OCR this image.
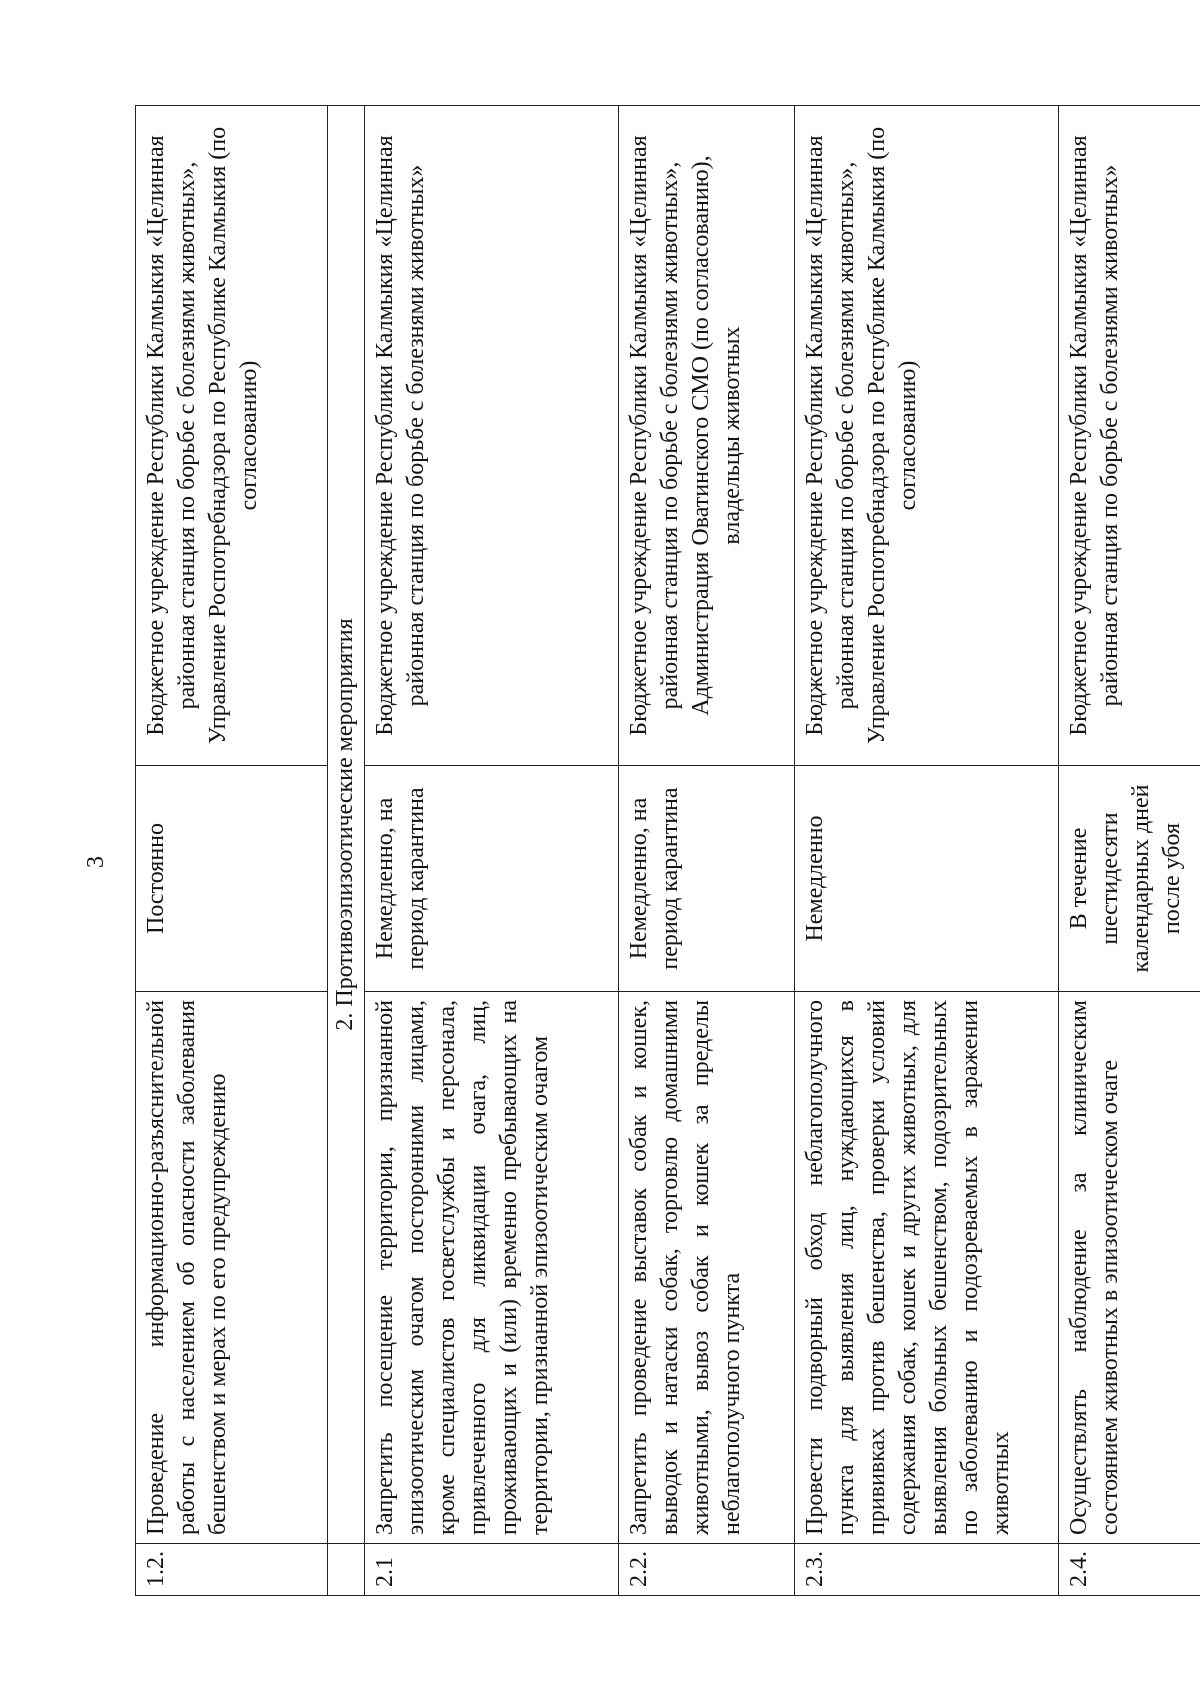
3
1.2.	Проведение информационно-разъяснительной работы с населением об опасности заболевания бешенством и мерах по его предупреждению	Постоянно	Бюджетное учреждение Республики Калмыкия «Целинная районная станция по борьбе с болезнями животных», Управление Роспотребнадзора по Республике Калмыкия (по согласованию)
	2. Противоэпизоотические мероприятия		
2.1	Запретить посещение территории, признанной эпизоотическим очагом посторонними лицами, кроме специалистов госветслужбы и персонала, привлеченного для ликвидации очага, лиц, проживающих и (или) временно пребывающих на территории, признанной эпизоотическим очагом	Немедленно, на период карантина	Бюджетное учреждение Республики Калмыкия «Целинная районная станция по борьбе с болезнями животных»
2.2.	Запретить проведение выставок собак и кошек, выводок и натаски собак, торговлю домашними животными, вывоз собак и кошек за пределы неблагополучного пункта	Немедленно, на период карантина	Бюджетное учреждение Республики Калмыкия «Целинная районная станция по борьбе с болезнями животных», Администрация Оватинского СМО (по согласованию), владельцы животных
2.3.	Провести подворный обход неблагополучного пункта для выявления лиц, нуждающихся в прививках против бешенства, проверки условий содержания собак, кошек и других животных, для выявления больных бешенством, подозрительных по заболеванию и подозреваемых в заражении животных	Немедленно	Бюджетное учреждение Республики Калмыкия «Целинная районная станция по борьбе с болезнями животных», Управление Роспотребнадзора по Республике Калмыкия (по согласованию)
2.4.	Осуществлять наблюдение за клиническим состоянием животных в эпизоотическом очаге	В течение шестидесяти календарных дней после убоя	Бюджетное учреждение Республики Калмыкия «Целинная районная станция по борьбе с болезнями животных»
